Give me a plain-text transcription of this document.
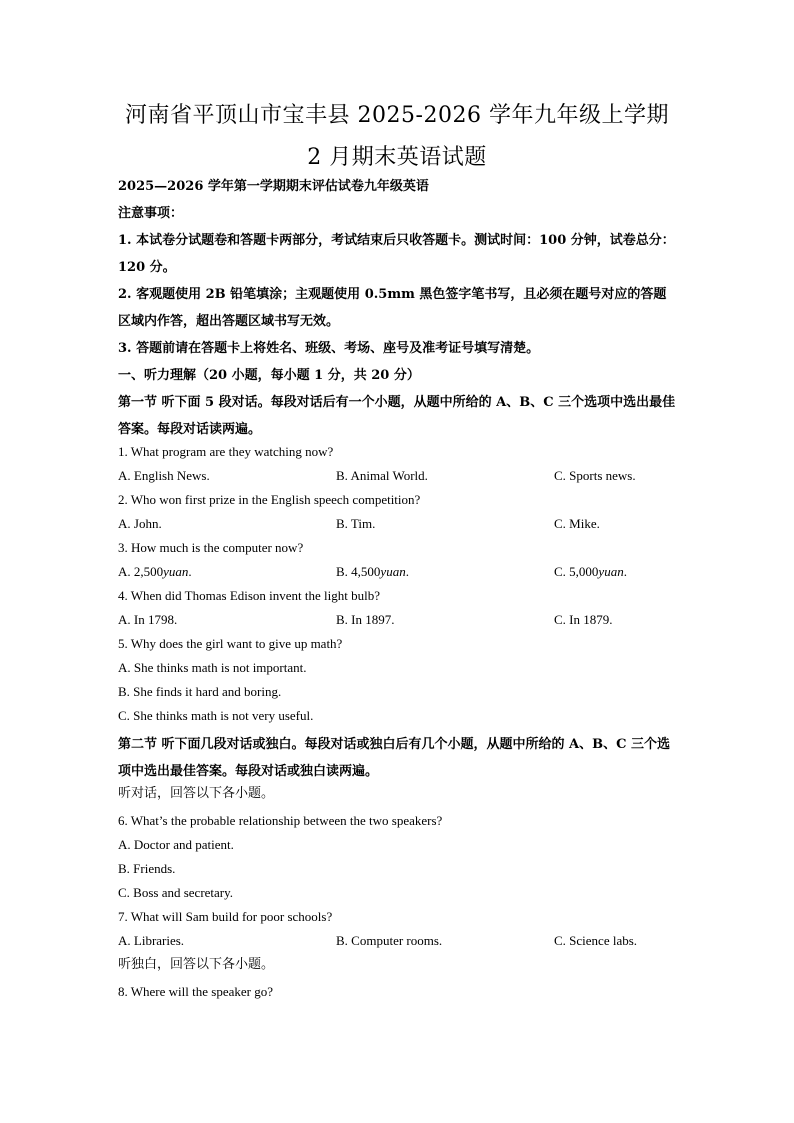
河南省平顶山市宝丰县 2025-2026 学年九年级上学期
2 月期末英语试题
2025—2026 学年第一学期期末评估试卷九年级英语
注意事项：
1. 本试卷分试题卷和答题卡两部分，考试结束后只收答题卡。测试时间：100 分钟，试卷总分：120 分。
2. 客观题使用 2B 铅笔填涂；主观题使用 0.5mm 黑色签字笔书写，且必须在题号对应的答题区域内作答，超出答题区域书写无效。
3. 答题前请在答题卡上将姓名、班级、考场、座号及准考证号填写清楚。
一、听力理解（20 小题，每小题 1 分，共 20 分）
第一节 听下面 5 段对话。每段对话后有一个小题，从题中所给的 A、B、C 三个选项中选出最佳答案。每段对话读两遍。
1. What program are they watching now?
A. English News.	B. Animal World.	C. Sports news.
2. Who won first prize in the English speech competition?
A. John.	B. Tim.	C. Mike.
3. How much is the computer now?
A. 2,500yuan.	B. 4,500yuan.	C. 5,000yuan.
4. When did Thomas Edison invent the light bulb?
A. In 1798.	B. In 1897.	C. In 1879.
5. Why does the girl want to give up math?
A. She thinks math is not important.
B. She finds it hard and boring.
C. She thinks math is not very useful.
第二节 听下面几段对话或独白。每段对话或独白后有几个小题，从题中所给的 A、B、C 三个选项中选出最佳答案。每段对话或独白读两遍。
听对话，回答以下各小题。
6. What’s the probable relationship between the two speakers?
A. Doctor and patient.
B. Friends.
C. Boss and secretary.
7. What will Sam build for poor schools?
A. Libraries.	B. Computer rooms.	C. Science labs.
听独白，回答以下各小题。
8. Where will the speaker go?
